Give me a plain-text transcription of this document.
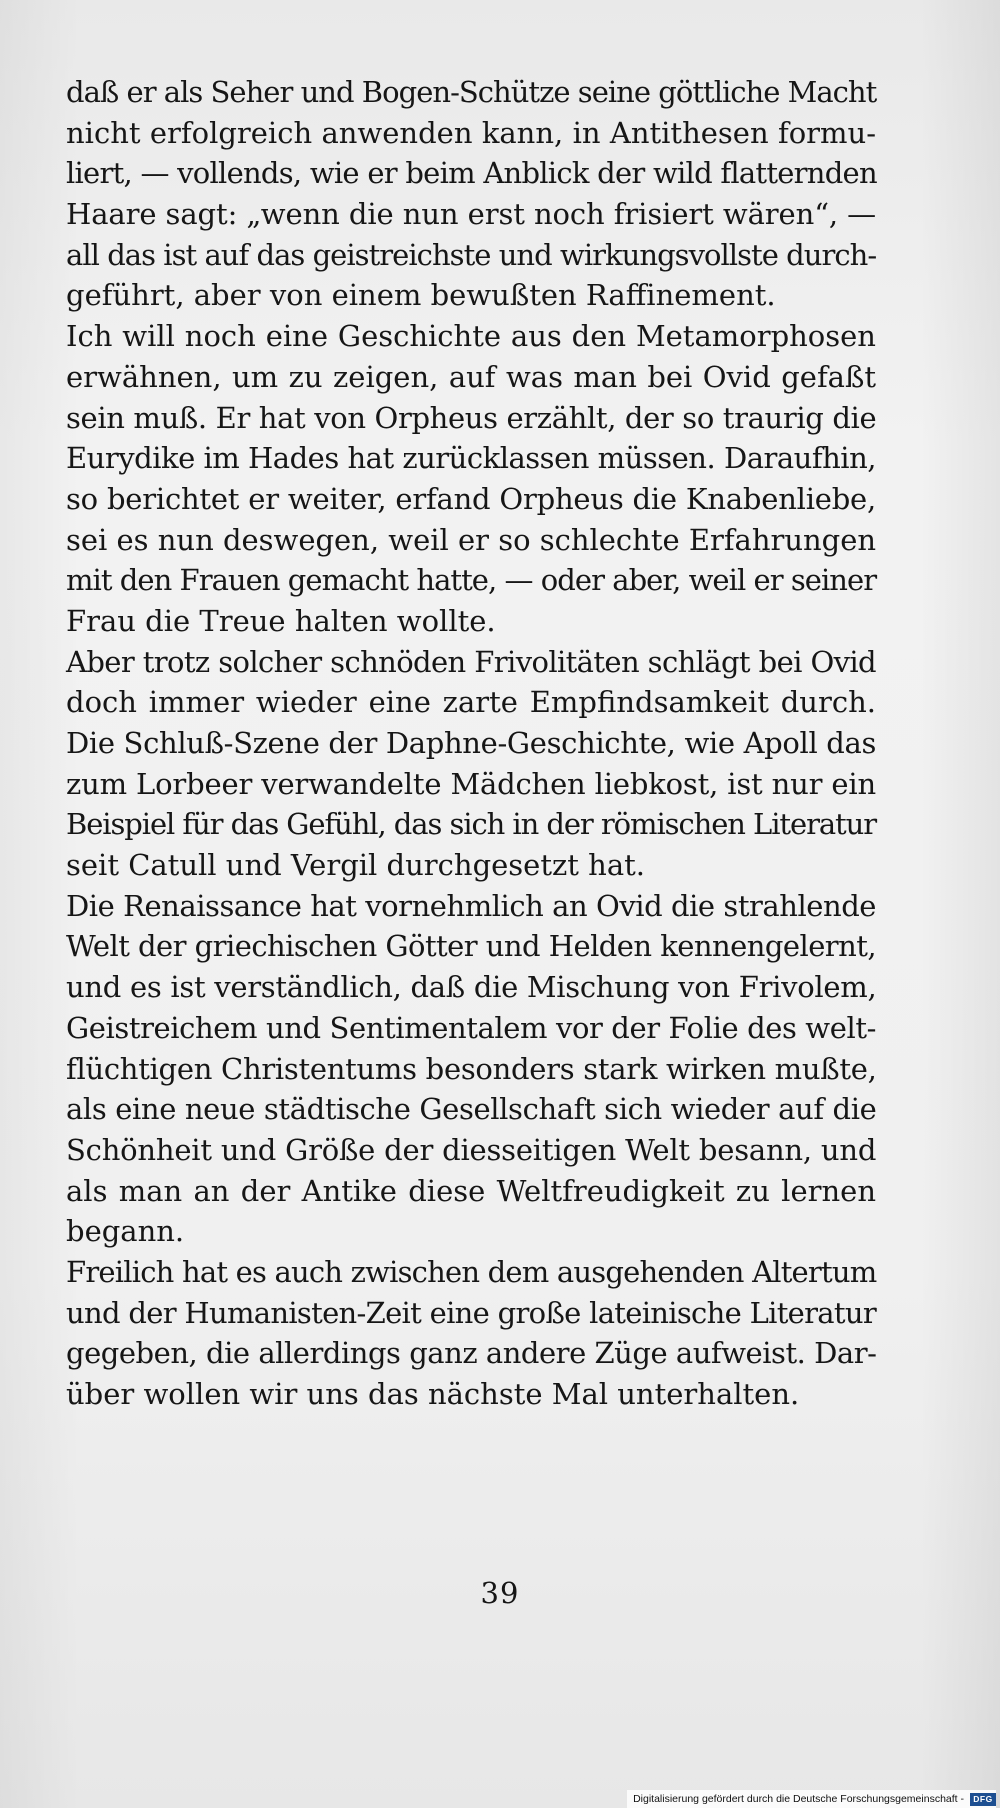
daß er als Seher und Bogen-Schütze seine göttliche Macht
nicht erfolgreich anwenden kann, in Antithesen formu-
liert, — vollends, wie er beim Anblick der wild flatternden
Haare sagt: „wenn die nun erst noch frisiert wären“, —
all das ist auf das geistreichste und wirkungsvollste durch-
geführt, aber von einem bewußten Raffinement.
Ich will noch eine Geschichte aus den Metamorphosen
erwähnen, um zu zeigen, auf was man bei Ovid gefaßt
sein muß. Er hat von Orpheus erzählt, der so traurig die
Eurydike im Hades hat zurücklassen müssen. Daraufhin,
so berichtet er weiter, erfand Orpheus die Knabenliebe,
sei es nun deswegen, weil er so schlechte Erfahrungen
mit den Frauen gemacht hatte, — oder aber, weil er seiner
Frau die Treue halten wollte.
Aber trotz solcher schnöden Frivolitäten schlägt bei Ovid
doch immer wieder eine zarte Empfindsamkeit durch.
Die Schluß-Szene der Daphne-Geschichte, wie Apoll das
zum Lorbeer verwandelte Mädchen liebkost, ist nur ein
Beispiel für das Gefühl, das sich in der römischen Literatur
seit Catull und Vergil durchgesetzt hat.
Die Renaissance hat vornehmlich an Ovid die strahlende
Welt der griechischen Götter und Helden kennengelernt,
und es ist verständlich, daß die Mischung von Frivolem,
Geistreichem und Sentimentalem vor der Folie des welt-
flüchtigen Christentums besonders stark wirken mußte,
als eine neue städtische Gesellschaft sich wieder auf die
Schönheit und Größe der diesseitigen Welt besann, und
als man an der Antike diese Weltfreudigkeit zu lernen
begann.
Freilich hat es auch zwischen dem ausgehenden Altertum
und der Humanisten-Zeit eine große lateinische Literatur
gegeben, die allerdings ganz andere Züge aufweist. Dar-
über wollen wir uns das nächste Mal unterhalten.
39
Digitalisierung gefördert durch die Deutsche Forschungsgemeinschaft -	DFG
